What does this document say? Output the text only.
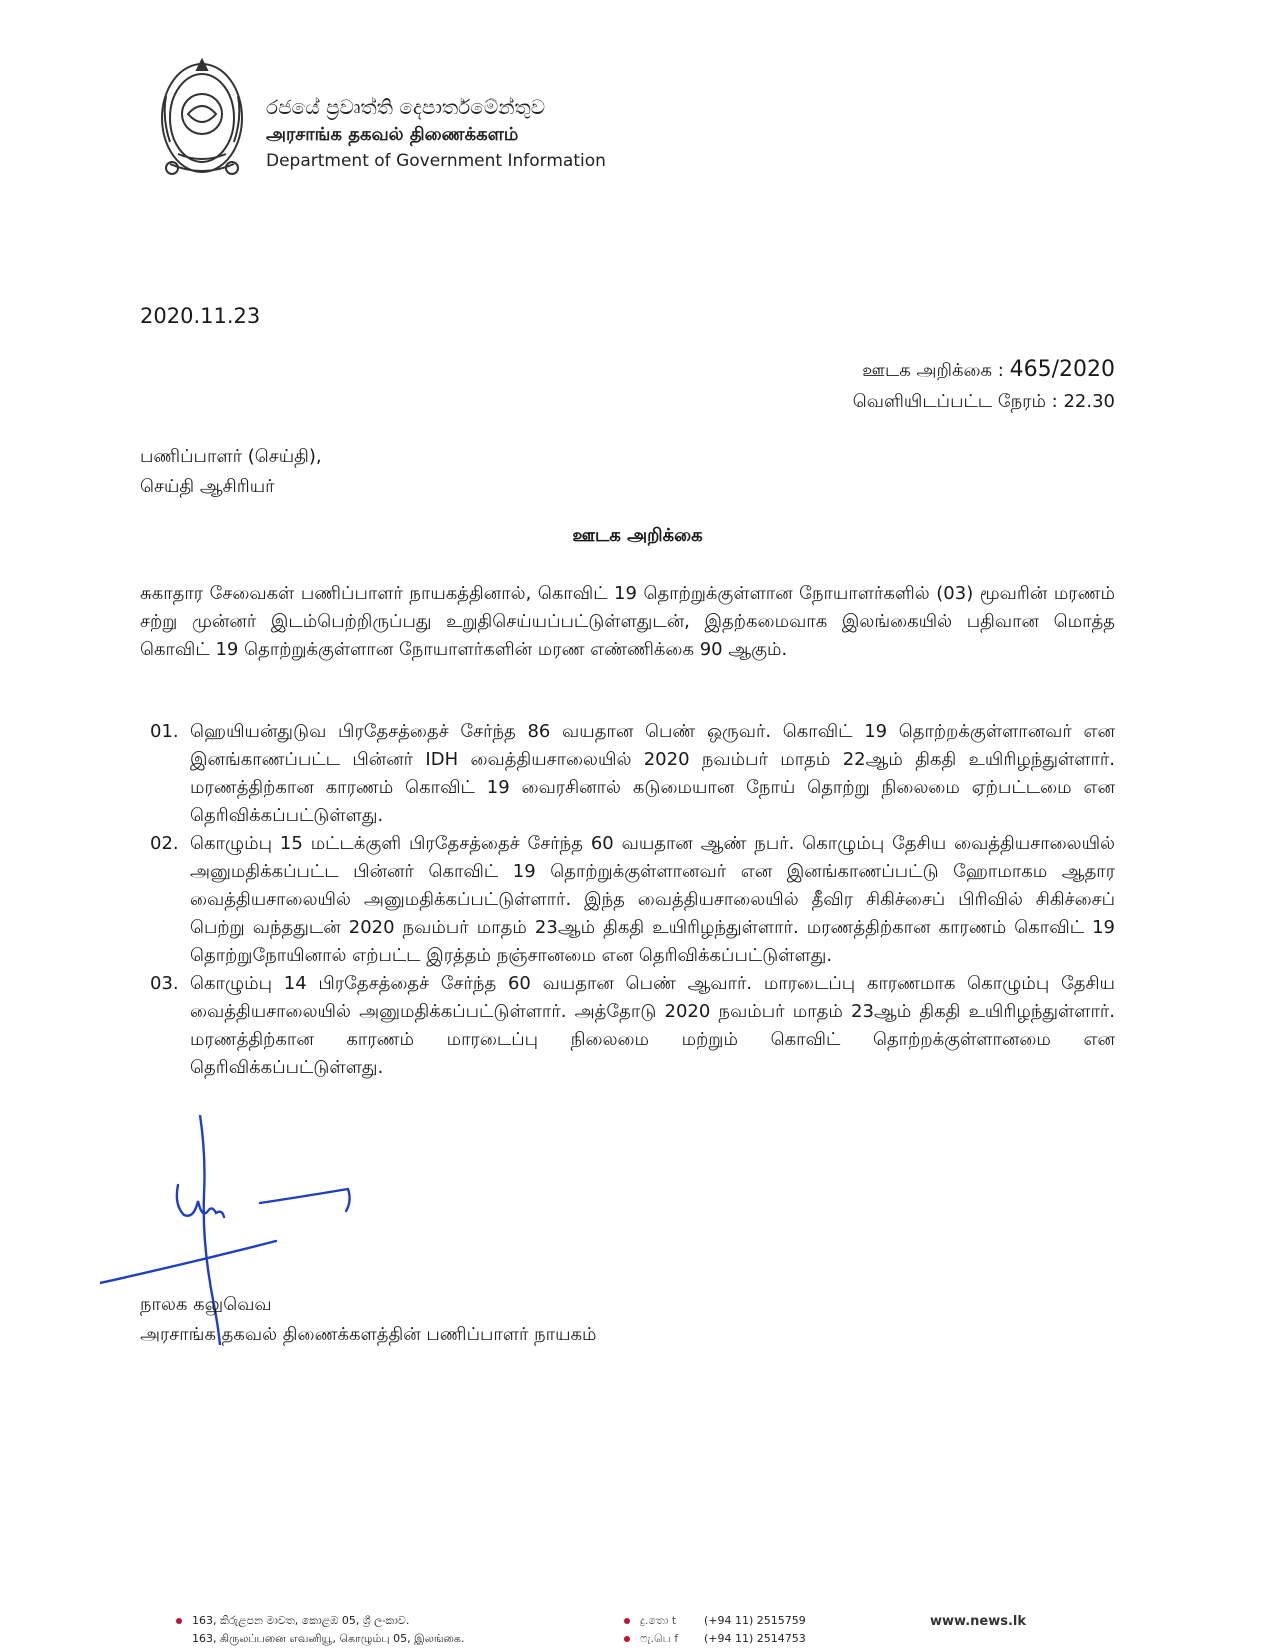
රජයේ ප්‍රවෘත්ති දෙපාර්තමේන්තුව
அரசாங்க தகவல் திணைக்களம்
Department of Government Information
2020.11.23
ஊடக அறிக்கை : 465/2020
வெளியிடப்பட்ட நேரம் : 22.30
பணிப்பாளர் (செய்தி),
செய்தி ஆசிரியர்
ஊடக அறிக்கை
சுகாதார சேவைகள் பணிப்பாளர் நாயகத்தினால், கொவிட் 19 தொற்றுக்குள்ளான நோயாளர்களில் (03) மூவரின் மரணம் சற்று முன்னர் இடம்பெற்றிருப்பது உறுதிசெய்யப்பட்டுள்ளதுடன், இதற்கமைவாக இலங்கையில் பதிவான மொத்த கொவிட் 19 தொற்றுக்குள்ளான நோயாளர்களின் மரண எண்ணிக்கை 90 ஆகும்.
01. ஹெயியன்துடுவ பிரதேசத்தைச் சேர்ந்த 86 வயதான பெண் ஒருவர். கொவிட் 19 தொற்றக்குள்ளானவர் என இனங்காணப்பட்ட பின்னர் IDH வைத்தியசாலையில் 2020 நவம்பர் மாதம் 22ஆம் திகதி உயிரிழந்துள்ளார். மரணத்திற்கான காரணம் கொவிட் 19 வைரசினால் கடுமையான நோய் தொற்று நிலைமை ஏற்பட்டமை என தெரிவிக்கப்பட்டுள்ளது.
02. கொழும்பு 15 மட்டக்குளி பிரதேசத்தைச் சேர்ந்த 60 வயதான ஆண் நபர். கொழும்பு தேசிய வைத்தியசாலையில் அனுமதிக்கப்பட்ட பின்னர் கொவிட் 19 தொற்றுக்குள்ளானவர் என இனங்காணப்பட்டு ஹோமாகம ஆதார வைத்தியசாலையில் அனுமதிக்கப்பட்டுள்ளார். இந்த வைத்தியசாலையில் தீவிர சிகிச்சைப் பிரிவில் சிகிச்சைப் பெற்று வந்ததுடன் 2020 நவம்பர் மாதம் 23ஆம் திகதி உயிரிழந்துள்ளார். மரணத்திற்கான காரணம் கொவிட் 19 தொற்றுநோயினால் எற்பட்ட இரத்தம் நஞ்சானமை என தெரிவிக்கப்பட்டுள்ளது.
03. கொழும்பு 14 பிரதேசத்தைச் சேர்ந்த 60 வயதான பெண் ஆவார். மாரடைப்பு காரணமாக கொழும்பு தேசிய வைத்தியசாலையில் அனுமதிக்கப்பட்டுள்ளார். அத்தோடு 2020 நவம்பர் மாதம் 23ஆம் திகதி உயிரிழந்துள்ளார். மரணத்திற்கான காரணம் மாரடைப்பு நிலைமை மற்றும் கொவிட் தொற்றக்குள்ளானமை என தெரிவிக்கப்பட்டுள்ளது.
நாலக கலுவெவ
அரசாங்க தகவல் திணைக்களத்தின் பணிப்பாளர் நாயகம்
163, කිරුළපන මාවත, කොළඹ 05, ශ්‍රී ලංකාව.
163, கிருலப்பனை எவனியூ, கொழும்பு 05, இலங்கை.
දු.තො t	(+94 11) 2515759
ෆැ.பெ f	(+94 11) 2514753
www.news.lk
